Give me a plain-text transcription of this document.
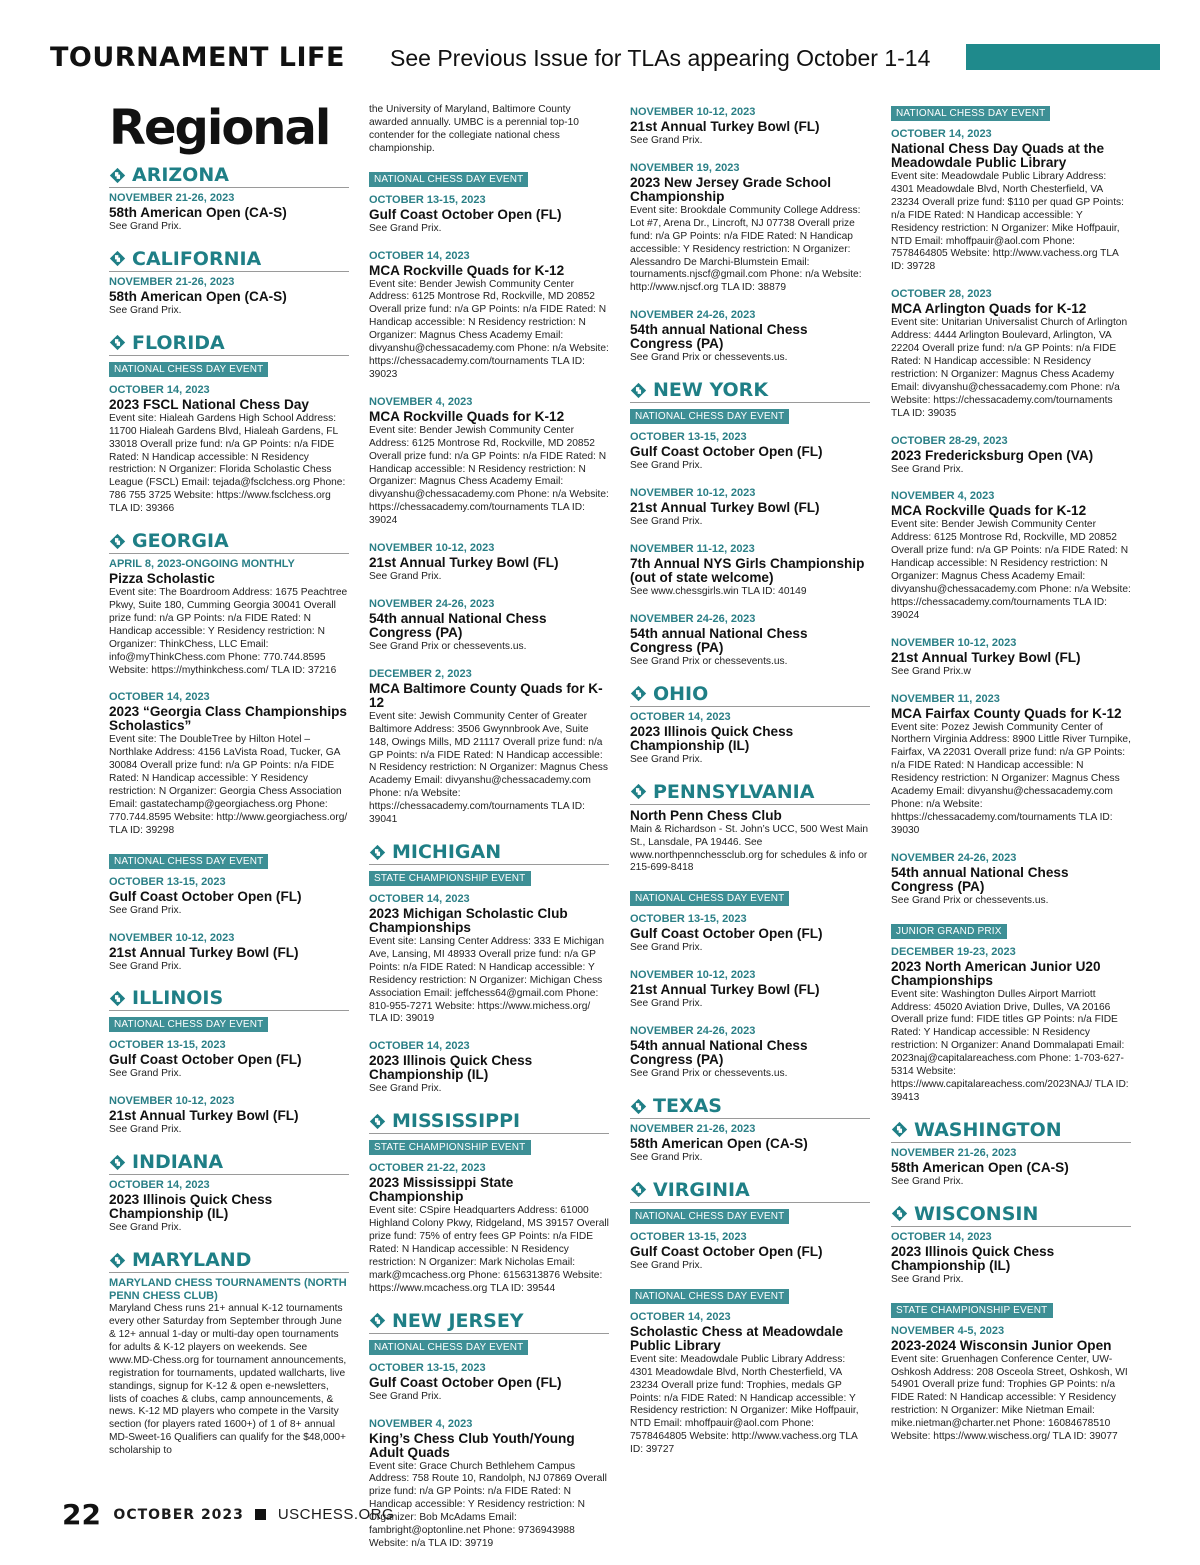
TOURNAMENT LIFE See Previous Issue for TLAs appearing October 1-14
Regional
ARIZONA
NOVEMBER 21-26, 2023
58th American Open (CA-S)
See Grand Prix.
CALIFORNIA
NOVEMBER 21-26, 2023
58th American Open (CA-S)
See Grand Prix.
FLORIDA
NATIONAL CHESS DAY EVENT
OCTOBER 14, 2023
2023 FSCL National Chess Day
Event site: Hialeah Gardens High School Address: 11700 Hialeah Gardens Blvd, Hialeah Gardens, FL 33018 Overall prize fund: n/a GP Points: n/a FIDE Rated: N Handicap accessible: N Residency restriction: N Organizer: Florida Scholastic Chess League (FSCL) Email: tejada@fsclchess.org Phone: 786 755 3725 Website: https://www.fsclchess.org TLA ID: 39366
GEORGIA
APRIL 8, 2023-ONGOING MONTHLY
Pizza Scholastic
Event site: The Boardroom Address: 1675 Peachtree Pkwy, Suite 180, Cumming Georgia 30041 Overall prize fund: n/a GP Points: n/a FIDE Rated: N Handicap accessible: Y Residency restriction: N Organizer: ThinkChess, LLC Email: info@myThinkChess.com Phone: 770.744.8595 Website: https://mythinkchess.com/ TLA ID: 37216
OCTOBER 14, 2023
2023 “Georgia Class Championships Scholastics”
Event site: The DoubleTree by Hilton Hotel – Northlake Address: 4156 LaVista Road, Tucker, GA 30084 Overall prize fund: n/a GP Points: n/a FIDE Rated: N Handicap accessible: Y Residency restriction: N Organizer: Georgia Chess Association Email: gastatechamp@georgiachess.org Phone: 770.744.8595 Website: http://www.georgiachess.org/ TLA ID: 39298
NATIONAL CHESS DAY EVENT
OCTOBER 13-15, 2023
Gulf Coast October Open (FL)
See Grand Prix.
NOVEMBER 10-12, 2023
21st Annual Turkey Bowl (FL)
See Grand Prix.
ILLINOIS
NATIONAL CHESS DAY EVENT
OCTOBER 13-15, 2023
Gulf Coast October Open (FL)
See Grand Prix.
NOVEMBER 10-12, 2023
21st Annual Turkey Bowl (FL)
See Grand Prix.
INDIANA
OCTOBER 14, 2023
2023 Illinois Quick Chess Championship (IL)
See Grand Prix.
MARYLAND
MARYLAND CHESS TOURNAMENTS (NORTH PENN CHESS CLUB)
Maryland Chess runs 21+ annual K-12 tournaments every other Saturday from September through June & 12+ annual 1-day or multi-day open tournaments for adults & K-12 players on weekends. See www.MD-Chess.org for tournament announcements, registration for tournaments, updated wallcharts, live standings, signup for K-12 & open e-newsletters, lists of coaches & clubs, camp announcements, & news. K-12 MD players who compete in the Varsity section (for players rated 1600+) of 1 of 8+ annual MD-Sweet-16 Qualifiers can qualify for the $48,000+ scholarship to
the University of Maryland, Baltimore County awarded annually. UMBC is a perennial top-10 contender for the collegiate national chess championship.
NATIONAL CHESS DAY EVENT
OCTOBER 13-15, 2023
Gulf Coast October Open (FL)
See Grand Prix.
OCTOBER 14, 2023
MCA Rockville Quads for K-12
Event site: Bender Jewish Community Center Address: 6125 Montrose Rd, Rockville, MD 20852 Overall prize fund: n/a GP Points: n/a FIDE Rated: N Handicap accessible: N Residency restriction: N Organizer: Magnus Chess Academy Email: divyanshu@chessacademy.com Phone: n/a Website: https://chessacademy.com/tournaments TLA ID: 39023
NOVEMBER 4, 2023
MCA Rockville Quads for K-12
Event site: Bender Jewish Community Center Address: 6125 Montrose Rd, Rockville, MD 20852 Overall prize fund: n/a GP Points: n/a FIDE Rated: N Handicap accessible: N Residency restriction: N Organizer: Magnus Chess Academy Email: divyanshu@chessacademy.com Phone: n/a Website: https://chessacademy.com/tournaments TLA ID: 39024
NOVEMBER 10-12, 2023
21st Annual Turkey Bowl (FL)
See Grand Prix.
NOVEMBER 24-26, 2023
54th annual National Chess Congress (PA)
See Grand Prix or chessevents.us.
DECEMBER 2, 2023
MCA Baltimore County Quads for K-12
Event site: Jewish Community Center of Greater Baltimore Address: 3506 Gwynnbrook Ave, Suite 148, Owings Mills, MD 21117 Overall prize fund: n/a GP Points: n/a FIDE Rated: N Handicap accessible: N Residency restriction: N Organizer: Magnus Chess Academy Email: divyanshu@chessacademy.com Phone: n/a Website: https://chessacademy.com/tournaments TLA ID: 39041
MICHIGAN
STATE CHAMPIONSHIP EVENT
OCTOBER 14, 2023
2023 Michigan Scholastic Club Championships
Event site: Lansing Center Address: 333 E Michigan Ave, Lansing, MI 48933 Overall prize fund: n/a GP Points: n/a FIDE Rated: N Handicap accessible: Y Residency restriction: N Organizer: Michigan Chess Association Email: jeffchess64@gmail.com Phone: 810-955-7271 Website: https://www.michess.org/ TLA ID: 39019
OCTOBER 14, 2023
2023 Illinois Quick Chess Championship (IL)
See Grand Prix.
MISSISSIPPI
STATE CHAMPIONSHIP EVENT
OCTOBER 21-22, 2023
2023 Mississippi State Championship
Event site: CSpire Headquarters Address: 61000 Highland Colony Pkwy, Ridgeland, MS 39157 Overall prize fund: 75% of entry fees GP Points: n/a FIDE Rated: N Handicap accessible: N Residency restriction: N Organizer: Mark Nicholas Email: mark@mcachess.org Phone: 6156313876 Website: https://www.mcachess.org TLA ID: 39544
NEW JERSEY
NATIONAL CHESS DAY EVENT
OCTOBER 13-15, 2023
Gulf Coast October Open (FL)
See Grand Prix.
NOVEMBER 4, 2023
King’s Chess Club Youth/Young Adult Quads
Event site: Grace Church Bethlehem Campus Address: 758 Route 10, Randolph, NJ 07869 Overall prize fund: n/a GP Points: n/a FIDE Rated: N Handicap accessible: Y Residency restriction: N Organizer: Bob McAdams Email: fambright@optonline.net Phone: 9736943988 Website: n/a TLA ID: 39719
NOVEMBER 10-12, 2023
21st Annual Turkey Bowl (FL)
See Grand Prix.
NOVEMBER 19, 2023
2023 New Jersey Grade School Championship
Event site: Brookdale Community College Address: Lot #7, Arena Dr., Lincroft, NJ 07738 Overall prize fund: n/a GP Points: n/a FIDE Rated: N Handicap accessible: Y Residency restriction: N Organizer: Alessandro De Marchi-Blumstein Email: tournaments.njscf@gmail.com Phone: n/a Website: http://www.njscf.org TLA ID: 38879
NOVEMBER 24-26, 2023
54th annual National Chess Congress (PA)
See Grand Prix or chessevents.us.
NEW YORK
NATIONAL CHESS DAY EVENT
OCTOBER 13-15, 2023
Gulf Coast October Open (FL)
See Grand Prix.
NOVEMBER 10-12, 2023
21st Annual Turkey Bowl (FL)
See Grand Prix.
NOVEMBER 11-12, 2023
7th Annual NYS Girls Championship (out of state welcome)
See www.chessgirls.win TLA ID: 40149
NOVEMBER 24-26, 2023
54th annual National Chess Congress (PA)
See Grand Prix or chessevents.us.
OHIO
OCTOBER 14, 2023
2023 Illinois Quick Chess Championship (IL)
See Grand Prix.
PENNSYLVANIA
North Penn Chess Club
Main & Richardson - St. John’s UCC, 500 West Main St., Lansdale, PA 19446. See www.northpennchessclub.org for schedules & info or 215-699-8418
NATIONAL CHESS DAY EVENT
OCTOBER 13-15, 2023
Gulf Coast October Open (FL)
See Grand Prix.
NOVEMBER 10-12, 2023
21st Annual Turkey Bowl (FL)
See Grand Prix.
NOVEMBER 24-26, 2023
54th annual National Chess Congress (PA)
See Grand Prix or chessevents.us.
TEXAS
NOVEMBER 21-26, 2023
58th American Open (CA-S)
See Grand Prix.
VIRGINIA
NATIONAL CHESS DAY EVENT
OCTOBER 13-15, 2023
Gulf Coast October Open (FL)
See Grand Prix.
NATIONAL CHESS DAY EVENT
OCTOBER 14, 2023
Scholastic Chess at Meadowdale Public Library
Event site: Meadowdale Public Library Address: 4301 Meadowdale Blvd, North Chesterfield, VA 23234 Overall prize fund: Trophies, medals GP Points: n/a FIDE Rated: N Handicap accessible: Y Residency restriction: N Organizer: Mike Hoffpauir, NTD Email: mhoffpauir@aol.com Phone: 7578464805 Website: http://www.vachess.org TLA ID: 39727
NATIONAL CHESS DAY EVENT
OCTOBER 14, 2023
National Chess Day Quads at the Meadowdale Public Library
Event site: Meadowdale Public Library Address: 4301 Meadowdale Blvd, North Chesterfield, VA 23234 Overall prize fund: $110 per quad GP Points: n/a FIDE Rated: N Handicap accessible: Y Residency restriction: N Organizer: Mike Hoffpauir, NTD Email: mhoffpauir@aol.com Phone: 7578464805 Website: http://www.vachess.org TLA ID: 39728
OCTOBER 28, 2023
MCA Arlington Quads for K-12
Event site: Unitarian Universalist Church of Arlington Address: 4444 Arlington Boulevard, Arlington, VA 22204 Overall prize fund: n/a GP Points: n/a FIDE Rated: N Handicap accessible: N Residency restriction: N Organizer: Magnus Chess Academy Email: divyanshu@chessacademy.com Phone: n/a Website: https://chessacademy.com/tournaments TLA ID: 39035
OCTOBER 28-29, 2023
2023 Fredericksburg Open (VA)
See Grand Prix.
NOVEMBER 4, 2023
MCA Rockville Quads for K-12
Event site: Bender Jewish Community Center Address: 6125 Montrose Rd, Rockville, MD 20852 Overall prize fund: n/a GP Points: n/a FIDE Rated: N Handicap accessible: N Residency restriction: N Organizer: Magnus Chess Academy Email: divyanshu@chessacademy.com Phone: n/a Website: https://chessacademy.com/tournaments TLA ID: 39024
NOVEMBER 10-12, 2023
21st Annual Turkey Bowl (FL)
See Grand Prix.w
NOVEMBER 11, 2023
MCA Fairfax County Quads for K-12
Event site: Pozez Jewish Community Center of Northern Virginia Address: 8900 Little River Turnpike, Fairfax, VA 22031 Overall prize fund: n/a GP Points: n/a FIDE Rated: N Handicap accessible: N Residency restriction: N Organizer: Magnus Chess Academy Email: divyanshu@chessacademy.com Phone: n/a Website: hhttps://chessacademy.com/tournaments TLA ID: 39030
NOVEMBER 24-26, 2023
54th annual National Chess Congress (PA)
See Grand Prix or chessevents.us.
JUNIOR GRAND PRIX
DECEMBER 19-23, 2023
2023 North American Junior U20 Championships
Event site: Washington Dulles Airport Marriott Address: 45020 Aviation Drive, Dulles, VA 20166 Overall prize fund: FIDE titles GP Points: n/a FIDE Rated: Y Handicap accessible: N Residency restriction: N Organizer: Anand Dommalapati Email: 2023naj@capitalareachess.com Phone: 1-703-627-5314 Website: https://www.capitalareachess.com/2023NAJ/ TLA ID: 39413
WASHINGTON
NOVEMBER 21-26, 2023
58th American Open (CA-S)
See Grand Prix.
WISCONSIN
OCTOBER 14, 2023
2023 Illinois Quick Chess Championship (IL)
See Grand Prix.
STATE CHAMPIONSHIP EVENT
NOVEMBER 4-5, 2023
2023-2024 Wisconsin Junior Open
Event site: Gruenhagen Conference Center, UW-Oshkosh Address: 208 Osceola Street, Oshkosh, WI 54901 Overall prize fund: Trophies GP Points: n/a FIDE Rated: N Handicap accessible: Y Residency restriction: N Organizer: Mike Nietman Email: mike.nietman@charter.net Phone: 16084678510 Website: https://www.wischess.org/ TLA ID: 39077
22 OCTOBER 2023 USCHESS.ORG
